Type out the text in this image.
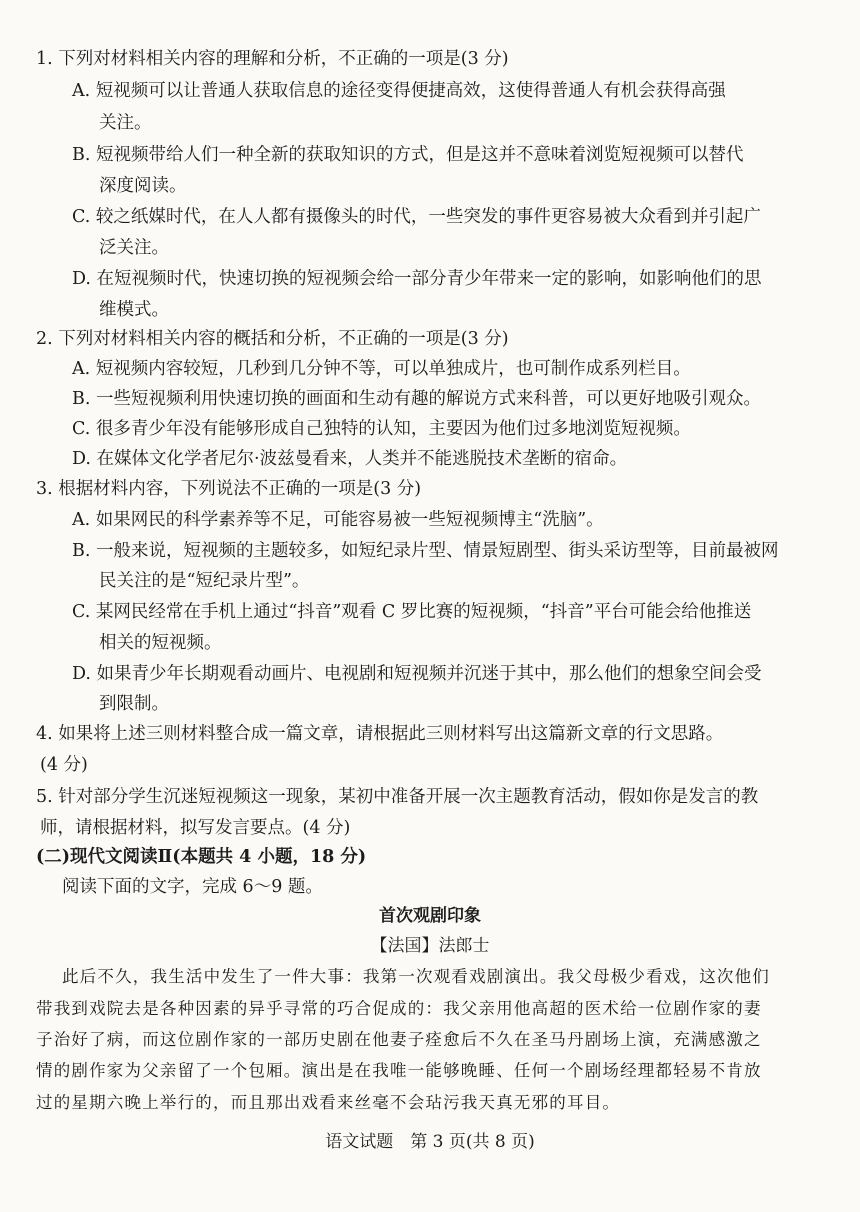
1. 下列对材料相关内容的理解和分析，不正确的一项是(3 分)
A. 短视频可以让普通人获取信息的途径变得便捷高效，这使得普通人有机会获得高强
关注。
B. 短视频带给人们一种全新的获取知识的方式，但是这并不意味着浏览短视频可以替代
深度阅读。
C. 较之纸媒时代，在人人都有摄像头的时代，一些突发的事件更容易被大众看到并引起广
泛关注。
D. 在短视频时代，快速切换的短视频会给一部分青少年带来一定的影响，如影响他们的思
维模式。
2. 下列对材料相关内容的概括和分析，不正确的一项是(3 分)
A. 短视频内容较短，几秒到几分钟不等，可以单独成片，也可制作成系列栏目。
B. 一些短视频利用快速切换的画面和生动有趣的解说方式来科普，可以更好地吸引观众。
C. 很多青少年没有能够形成自己独特的认知，主要因为他们过多地浏览短视频。
D. 在媒体文化学者尼尔·波兹曼看来，人类并不能逃脱技术垄断的宿命。
3. 根据材料内容，下列说法不正确的一项是(3 分)
A. 如果网民的科学素养等不足，可能容易被一些短视频博主“洗脑”。
B. 一般来说，短视频的主题较多，如短纪录片型、情景短剧型、街头采访型等，目前最被网
民关注的是“短纪录片型”。
C. 某网民经常在手机上通过“抖音”观看 C 罗比赛的短视频，“抖音”平台可能会给他推送
相关的短视频。
D. 如果青少年长期观看动画片、电视剧和短视频并沉迷于其中，那么他们的想象空间会受
到限制。
4. 如果将上述三则材料整合成一篇文章，请根据此三则材料写出这篇新文章的行文思路。
(4 分)
5. 针对部分学生沉迷短视频这一现象，某初中准备开展一次主题教育活动，假如你是发言的教
师，请根据材料，拟写发言要点。(4 分)
(二)现代文阅读Ⅱ(本题共 4 小题，18 分)
阅读下面的文字，完成 6～9 题。
首次观剧印象
【法国】法郎士
此后不久，我生活中发生了一件大事：我第一次观看戏剧演出。我父母极少看戏，这次他们
带我到戏院去是各种因素的异乎寻常的巧合促成的：我父亲用他高超的医术给一位剧作家的妻
子治好了病，而这位剧作家的一部历史剧在他妻子痊愈后不久在圣马丹剧场上演，充满感激之
情的剧作家为父亲留了一个包厢。演出是在我唯一能够晚睡、任何一个剧场经理都轻易不肯放
过的星期六晚上举行的，而且那出戏看来丝毫不会玷污我天真无邪的耳目。
语文试题　第 3 页(共 8 页)
